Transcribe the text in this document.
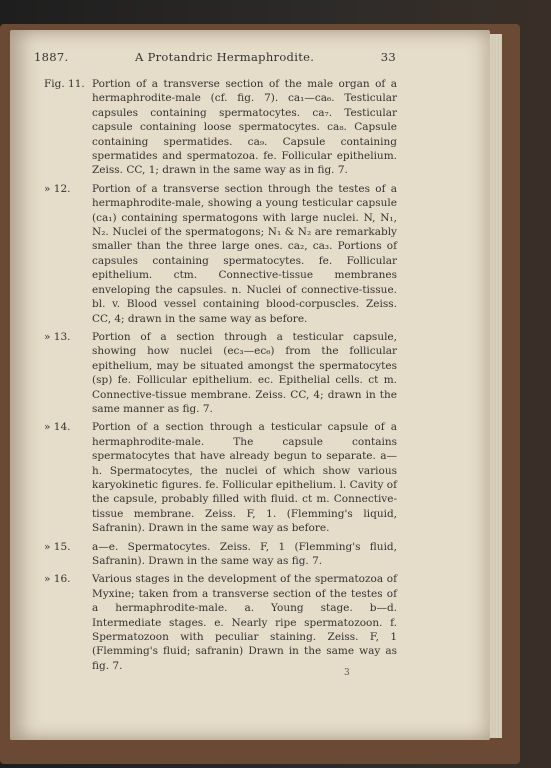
1887.	A Protandric Hermaphrodite.	33
Fig. 11. Portion of a transverse section of the male organ of a hermaphrodite-male (cf. fig. 7). ca₁—ca₆. Testicular capsules containing spermatocytes. ca₇. Testicular capsule containing loose spermatocytes. ca₈. Capsule containing spermatides. ca₉. Capsule containing spermatides and spermatozoa. fe. Follicular epithelium. Zeiss. CC, 1; drawn in the same way as in fig. 7.
» 12.	Portion of a transverse section through the testes of a hermaphrodite-male, showing a young testicular capsule (ca₁) containing spermatogons with large nuclei. N, N₁, N₂. Nuclei of the spermatogons; N₁ & N₂ are remarkably smaller than the three large ones. ca₂, ca₃. Portions of capsules containing spermatocytes. fe. Follicular epithelium. ctm. Connective-tissue membranes enveloping the capsules. n. Nuclei of connective-tissue. bl. v. Blood vessel containing blood-corpuscles. Zeiss. CC, 4; drawn in the same way as before.
» 13.	Portion of a section through a testicular capsule, showing how nuclei (ec₃—ec₆) from the follicular epithelium, may be situated amongst the spermatocytes (sp) fe. Follicular epithelium. ec. Epithelial cells. ct m. Connective-tissue membrane. Zeiss. CC, 4; drawn in the same manner as fig. 7.
» 14.	Portion of a section through a testicular capsule of a hermaphrodite-male. The capsule contains spermatocytes that have already begun to separate. a—h. Spermatocytes, the nuclei of which show various karyokinetic figures. fe. Follicular epithelium. l. Cavity of the capsule, probably filled with fluid. ct m. Connective-tissue membrane. Zeiss. F, 1. (Flemming's liquid, Safranin). Drawn in the same way as before.
» 15.	a—e. Spermatocytes. Zeiss. F, 1 (Flemming's fluid, Safranin). Drawn in the same way as fig. 7.
» 16.	Various stages in the development of the spermatozoa of Myxine; taken from a transverse section of the testes of a hermaphrodite-male. a. Young stage. b—d. Intermediate stages. e. Nearly ripe spermatozoon. f. Spermatozoon with peculiar staining. Zeiss. F, 1 (Flemming's fluid; safranin) Drawn in the same way as fig. 7.
3
